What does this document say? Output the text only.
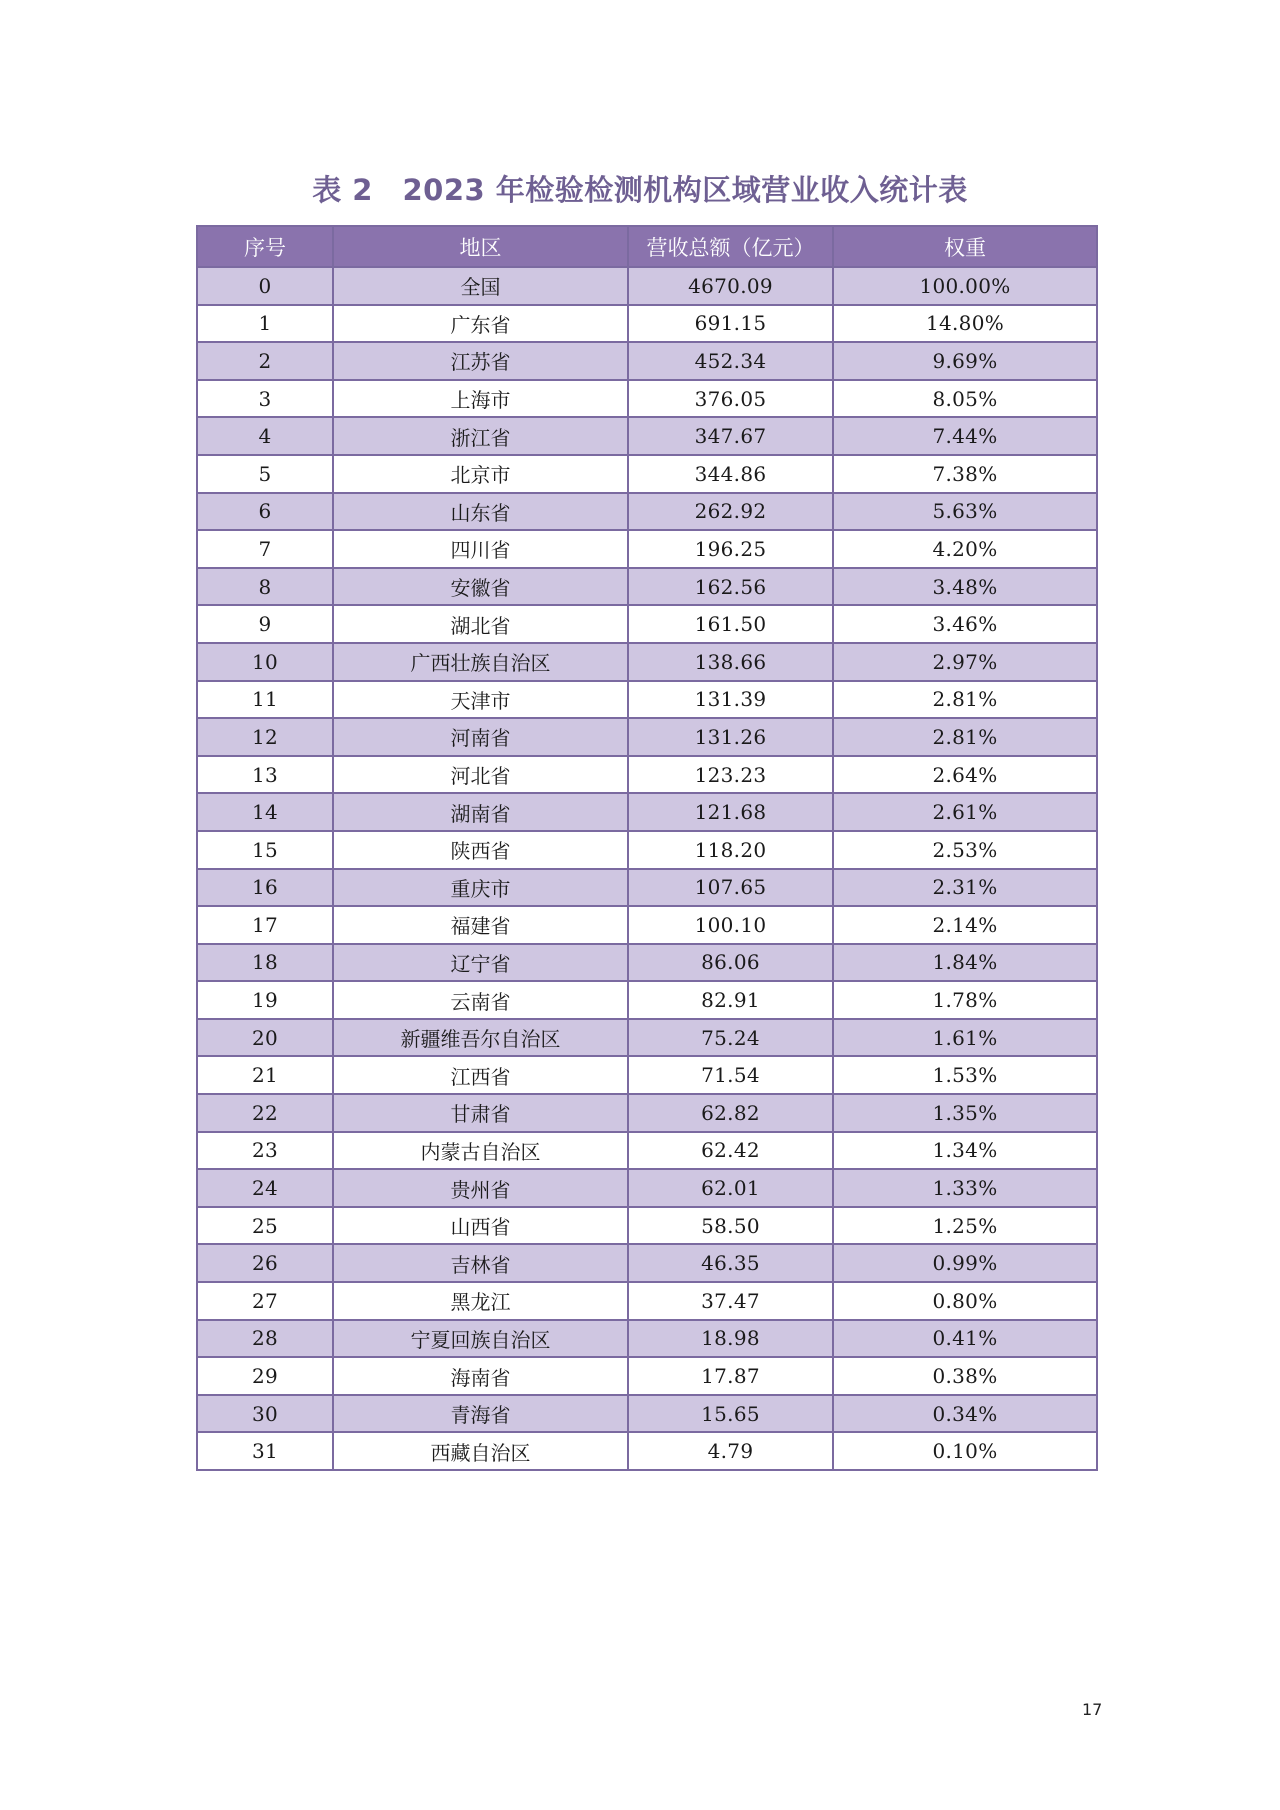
表 2　2023 年检验检测机构区域营业收入统计表
序号	地区	营收总额（亿元）	权重
0	全国	4670.09	100.00%
1	广东省	691.15	14.80%
2	江苏省	452.34	9.69%
3	上海市	376.05	8.05%
4	浙江省	347.67	7.44%
5	北京市	344.86	7.38%
6	山东省	262.92	5.63%
7	四川省	196.25	4.20%
8	安徽省	162.56	3.48%
9	湖北省	161.50	3.46%
10	广西壮族自治区	138.66	2.97%
11	天津市	131.39	2.81%
12	河南省	131.26	2.81%
13	河北省	123.23	2.64%
14	湖南省	121.68	2.61%
15	陕西省	118.20	2.53%
16	重庆市	107.65	2.31%
17	福建省	100.10	2.14%
18	辽宁省	86.06	1.84%
19	云南省	82.91	1.78%
20	新疆维吾尔自治区	75.24	1.61%
21	江西省	71.54	1.53%
22	甘肃省	62.82	1.35%
23	内蒙古自治区	62.42	1.34%
24	贵州省	62.01	1.33%
25	山西省	58.50	1.25%
26	吉林省	46.35	0.99%
27	黑龙江	37.47	0.80%
28	宁夏回族自治区	18.98	0.41%
29	海南省	17.87	0.38%
30	青海省	15.65	0.34%
31	西藏自治区	4.79	0.10%
17
